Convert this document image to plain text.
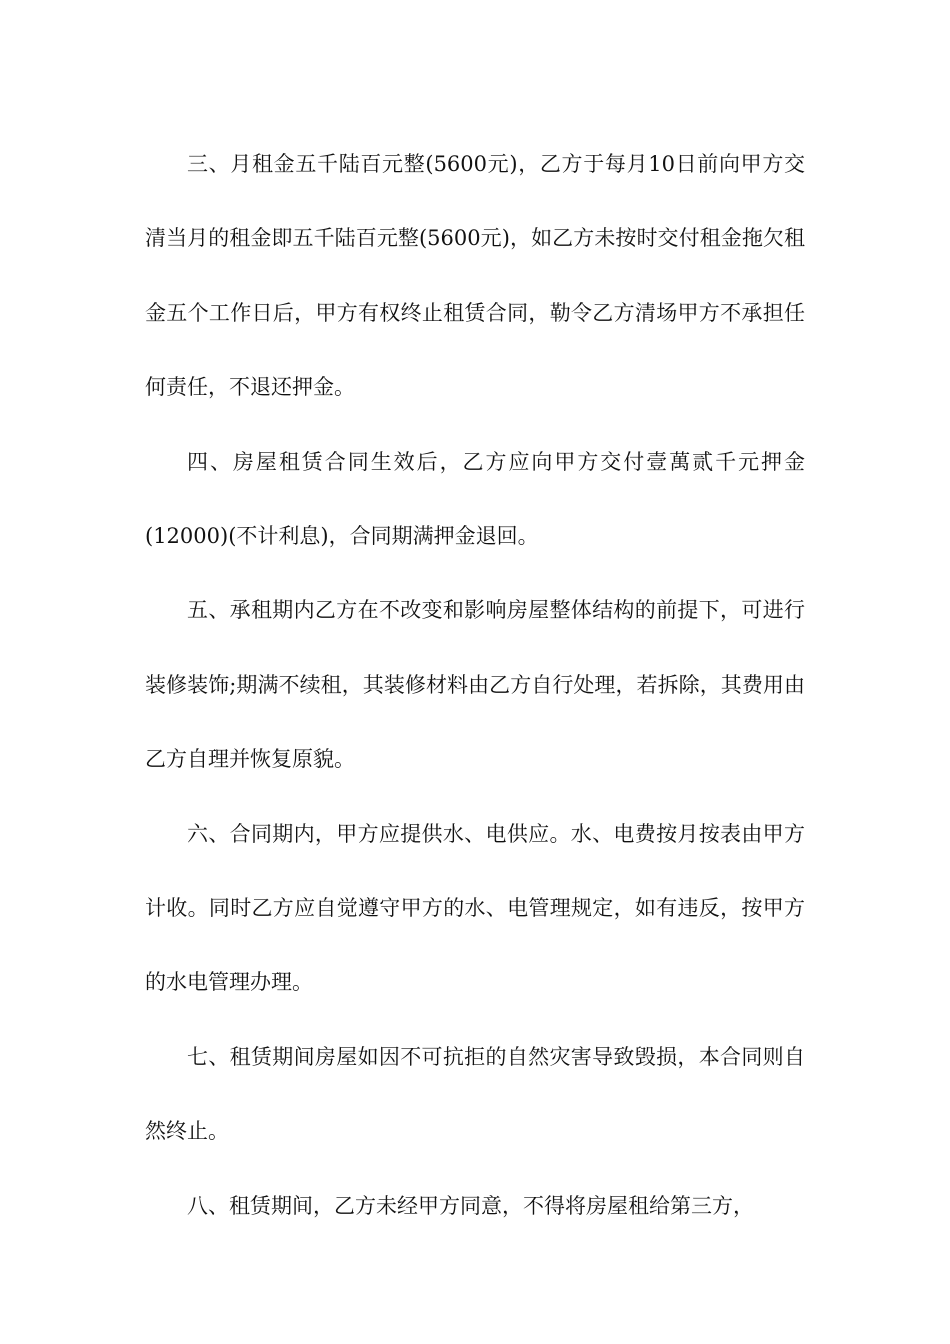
三、月租金五千陆百元整(5600元)，乙方于每月10日前向甲方交清当月的租金即五千陆百元整(5600元)，如乙方未按时交付租金拖欠租金五个工作日后，甲方有权终止租赁合同，勒令乙方清场甲方不承担任何责任，不退还押金。

四、房屋租赁合同生效后，乙方应向甲方交付壹萬贰千元押金(12000)(不计利息)，合同期满押金退回。

五、承租期内乙方在不改变和影响房屋整体结构的前提下，可进行装修装饰;期满不续租，其装修材料由乙方自行处理，若拆除，其费用由乙方自理并恢复原貌。

六、合同期内，甲方应提供水、电供应。水、电费按月按表由甲方计收。同时乙方应自觉遵守甲方的水、电管理规定，如有违反，按甲方的水电管理办理。

七、租赁期间房屋如因不可抗拒的自然灾害导致毁损，本合同则自然终止。

八、租赁期间，乙方未经甲方同意，不得将房屋租给第三方，
